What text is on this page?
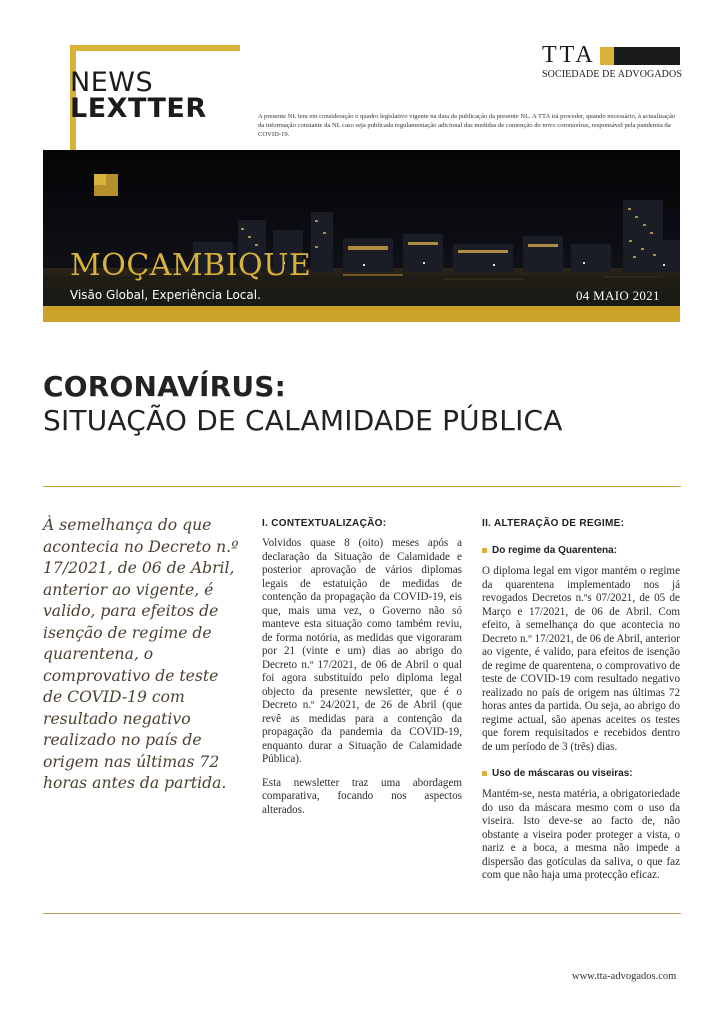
NEWS
LEXTTER
TTA
SOCIEDADE DE ADVOGADOS
A presente NL tem em consideração o quadro legislativo vigente na data da publicação da presente NL. A TTA irá proceder, quando necessário, à actualização da informação constante da NL caso seja publicada regulamentação adicional das medidas de contenção do novo coronavírus, responsável pela pandemia da COVID-19.
MOÇAMBIQUE
Visão Global, Experiência Local.	04 MAIO 2021
CORONAVÍRUS:
SITUAÇÃO DE CALAMIDADE PÚBLICA
À semelhança do que acontecia no Decreto n.º 17/2021, de 06 de Abril, anterior ao vigente, é valido, para efeitos de isenção de regime de quarentena, o comprovativo de teste de COVID-19 com resultado negativo realizado no país de origem nas últimas 72 horas antes da partida.
I. CONTEXTUALIZAÇÃO:

Volvidos quase 8 (oito) meses após a declaração da Situação de Calamidade e posterior aprovação de vários diplomas legais de estatuição de medidas de contenção da propagação da COVID-19, eis que, mais uma vez, o Governo não só manteve esta situação como também reviu, de forma notória, as medidas que vigoraram por 21 (vinte e um) dias ao abrigo do Decreto n.º 17/2021, de 06 de Abril o qual foi agora substituído pelo diploma legal objecto da presente newsletter, que é o Decreto n.º 24/2021, de 26 de Abril (que revê as medidas para a contenção da propagação da pandemia da COVID-19, enquanto durar a Situação de Calamidade Pública).

Esta newsletter traz uma abordagem comparativa, focando nos aspectos alterados.

II. ALTERAÇÃO DE REGIME:
Do regime da Quarentena:

O diploma legal em vigor mantém o regime da quarentena implementado nos já revogados Decretos n.ºs 07/2021, de 05 de Março e 17/2021, de 06 de Abril. Com efeito, à semelhança do que acontecia no Decreto n.º 17/2021, de 06 de Abril, anterior ao vigente, é valido, para efeitos de isenção de regime de quarentena, o comprovativo de teste de COVID-19 com resultado negativo realizado no país de origem nas últimas 72 horas antes da partida. Ou seja, ao abrigo do regime actual, são apenas aceites os testes que forem requisitados e recebidos dentro de um período de 3 (três) dias.

Uso de máscaras ou viseiras:

Mantém-se, nesta matéria, a obrigatoriedade do uso da máscara mesmo com o uso da viseira. Isto deve-se ao facto de, não obstante a viseira poder proteger a vista, o nariz e a boca, a mesma não impede a dispersão das gotículas da saliva, o que faz com que não haja uma protecção eficaz.

www.tta-advogados.com
